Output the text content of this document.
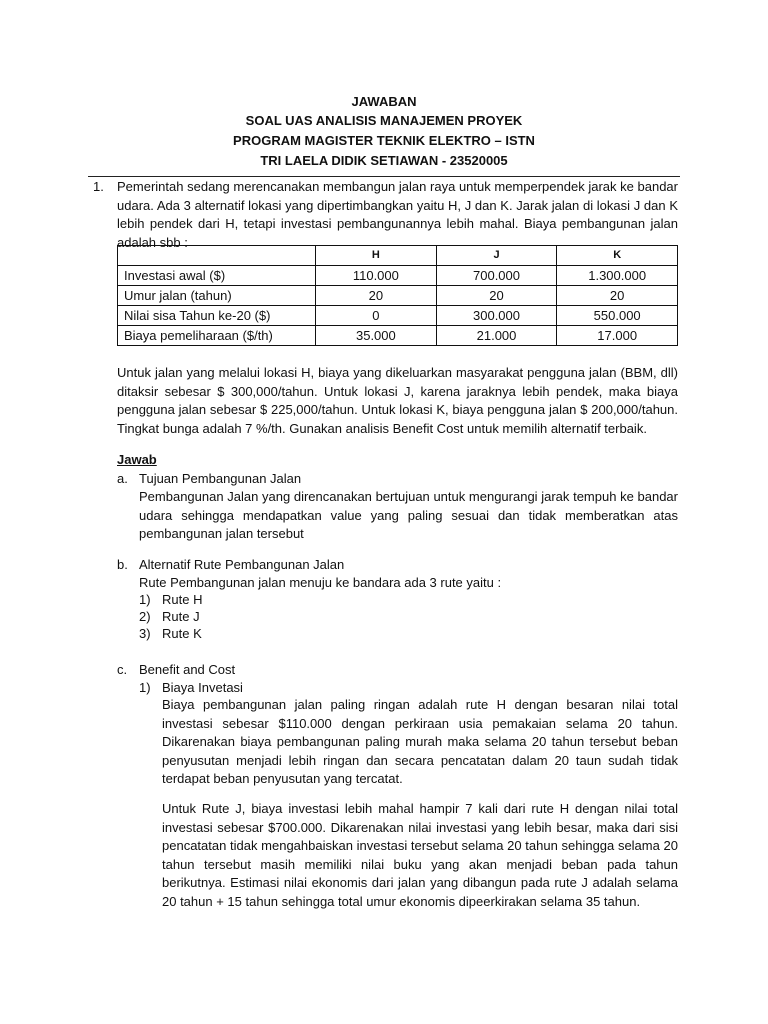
JAWABAN
SOAL UAS ANALISIS MANAJEMEN PROYEK
PROGRAM MAGISTER TEKNIK ELEKTRO – ISTN
TRI LAELA DIDIK SETIAWAN - 23520005
1. Pemerintah sedang merencanakan membangun jalan raya untuk memperpendek jarak ke bandar udara. Ada 3 alternatif lokasi yang dipertimbangkan yaitu H, J dan K. Jarak jalan di lokasi J dan K lebih pendek dari H, tetapi investasi pembangunannya lebih mahal. Biaya pembangunan jalan adalah sbb :
	H	J	K
Investasi awal ($)	110.000	700.000	1.300.000
Umur jalan (tahun)	20	20	20
Nilai sisa Tahun ke-20 ($)	0	300.000	550.000
Biaya pemeliharaan ($/th)	35.000	21.000	17.000
Untuk jalan yang melalui lokasi H, biaya yang dikeluarkan masyarakat pengguna jalan (BBM, dll) ditaksir sebesar $ 300,000/tahun. Untuk lokasi J, karena jaraknya lebih pendek, maka biaya pengguna jalan sebesar $ 225,000/tahun. Untuk lokasi K, biaya pengguna jalan $ 200,000/tahun. Tingkat bunga adalah 7 %/th. Gunakan analisis Benefit Cost untuk memilih alternatif terbaik.
Jawab
a. Tujuan Pembangunan Jalan
Pembangunan Jalan yang direncanakan bertujuan untuk mengurangi jarak tempuh ke bandar udara sehingga mendapatkan value yang paling sesuai dan tidak memberatkan atas pembangunan jalan tersebut
b. Alternatif Rute Pembangunan Jalan
Rute Pembangunan jalan menuju ke bandara ada 3 rute yaitu :
1) Rute H
2) Rute J
3) Rute K
c. Benefit and Cost
1) Biaya Invetasi
Biaya pembangunan jalan paling ringan adalah rute H dengan besaran nilai total investasi sebesar $110.000 dengan perkiraan usia pemakaian selama 20 tahun. Dikarenakan biaya pembangunan paling murah maka selama 20 tahun tersebut beban penyusutan menjadi lebih ringan dan secara pencatatan dalam 20 taun sudah tidak terdapat beban penyusutan yang tercatat.
Untuk Rute J, biaya investasi lebih mahal hampir 7 kali dari rute H dengan nilai total investasi sebesar $700.000. Dikarenakan nilai investasi yang lebih besar, maka dari sisi pencatatan tidak mengahbaiskan investasi tersebut selama 20 tahun sehingga selama 20 tahun tersebut masih memiliki nilai buku yang akan menjadi beban pada tahun berikutnya. Estimasi nilai ekonomis dari jalan yang dibangun pada rute J adalah selama 20 tahun + 15 tahun sehingga total umur ekonomis dipeerkirakan selama 35 tahun.
